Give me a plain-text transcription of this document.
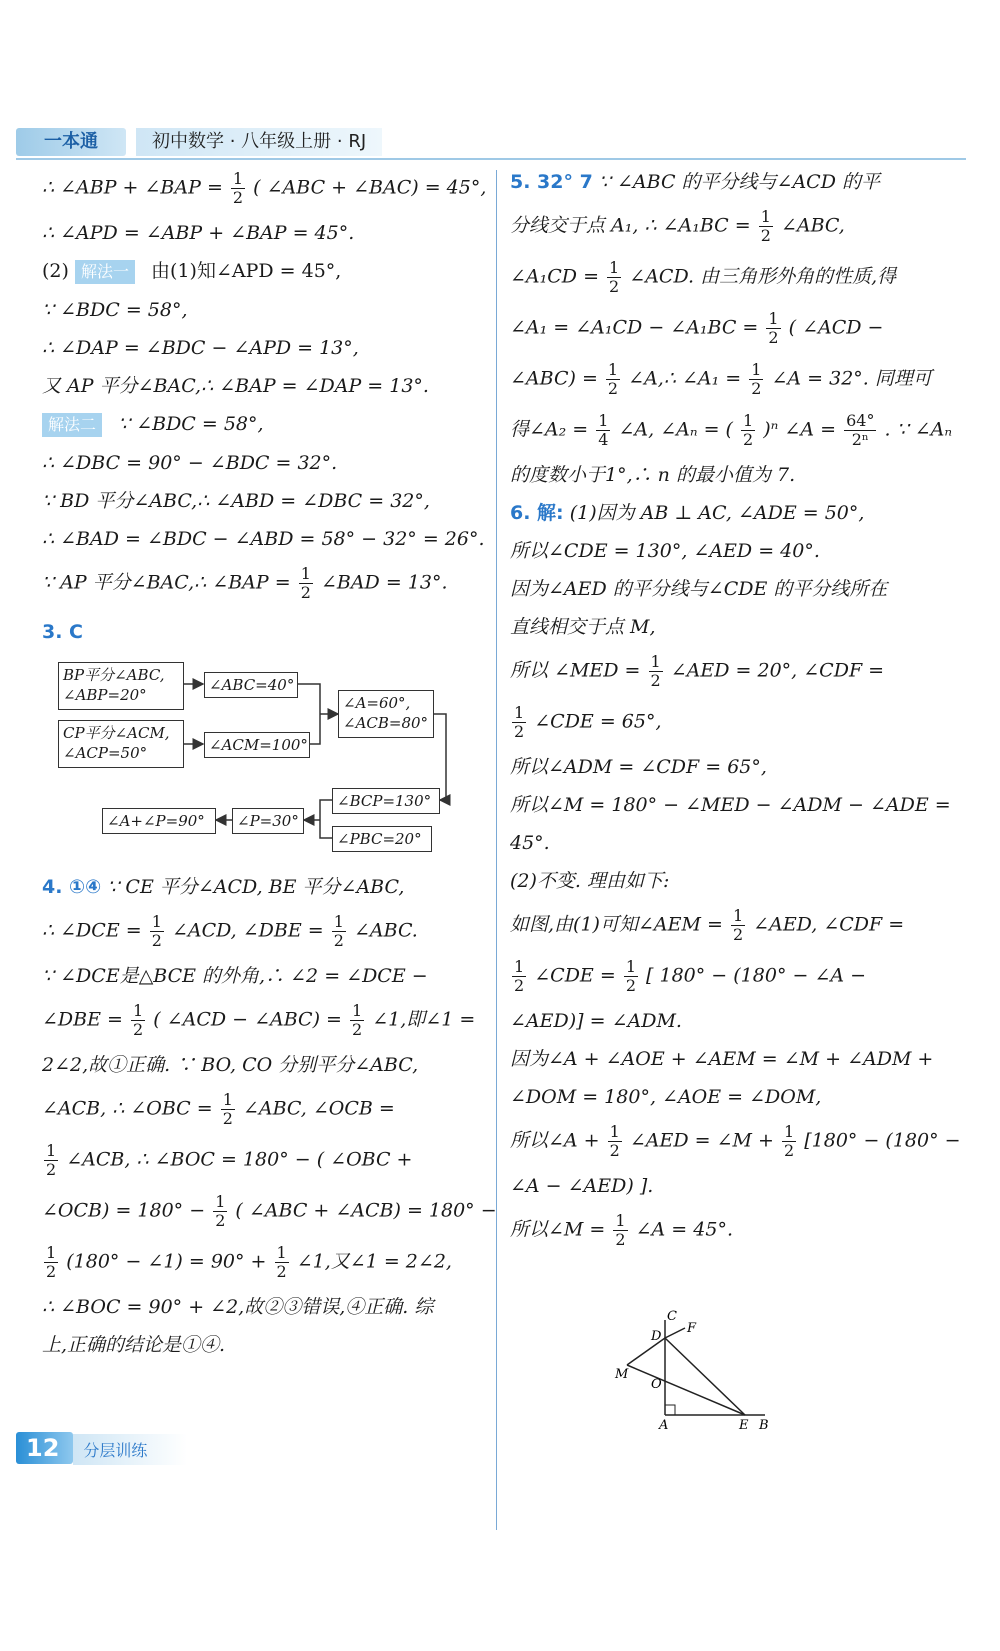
一本通	初中数学 · 八年级上册 · RJ
∴ ∠ABP + ∠BAP = $\frac{1}{2}$ ( ∠ABC + ∠BAC) = 45°,
∴ ∠APD = ∠ABP + ∠BAP = 45°.
(2) 解法一 由(1)知∠APD = 45°,
∵ ∠BDC = 58°,
∴ ∠DAP = ∠BDC − ∠APD = 13°,
又 AP 平分∠BAC,∴ ∠BAP = ∠DAP = 13°.
解法二 ∵ ∠BDC = 58°,
∴ ∠DBC = 90° − ∠BDC = 32°.
∵ BD 平分∠ABC,∴ ∠ABD = ∠DBC = 32°,
∴ ∠BAD = ∠BDC − ∠ABD = 58° − 32° = 26°.
∵ AP 平分∠BAC,∴ ∠BAP = $\frac{1}{2}$ ∠BAD = 13°.
3. C
BP平分∠ABC,
∠ABP=20°
∠ABC=40°
CP平分∠ACM,
∠ACP=50°	∠ACM=100°
∠A=60°,
∠ACB=80°
∠BCP=130°
∠PBC=20°
∠P=30°
∠A+∠P=90°
4. ①④ ∵ CE 平分∠ACD, BE 平分∠ABC,
∴ ∠DCE = $\frac{1}{2}$ ∠ACD, ∠DBE = $\frac{1}{2}$ ∠ABC.
∵ ∠DCE是△BCE 的外角,∴ ∠2 = ∠DCE −
∠DBE = $\frac{1}{2}$ ( ∠ACD − ∠ABC) = $\frac{1}{2}$ ∠1,即∠1 =
2∠2,故①正确. ∵ BO, CO 分别平分∠ABC,
∠ACB, ∴ ∠OBC = $\frac{1}{2}$ ∠ABC, ∠OCB =
$\frac{1}{2}$ ∠ACB, ∴ ∠BOC = 180° − ( ∠OBC +
∠OCB) = $180^\circ - \frac{1}{2}$ ( ∠ABC + ∠ACB) = 180° −
$\frac{1}{2} (180^\circ$ − ∠1) = $90^\circ + \frac{1}{2}$ ∠1,又∠1 = 2∠2,
∴ ∠BOC = 90° + ∠2,故②③错误,④正确. 综
上,正确的结论是①④.
5. 32° 7 ∵ ∠ABC 的平分线与∠ACD 的平
分线交于点 A₁, ∴ ∠A₁BC = $\frac{1}{2}$ ∠ABC,
∠A₁CD = $\frac{1}{2}$ ∠ACD. 由三角形外角的性质,得
∠A₁ = ∠A₁CD − ∠A₁BC = $\frac{1}{2}$ ( ∠ACD −
∠ABC) = $\frac{1}{2}$ ∠A,∴ ∠A₁ = $\frac{1}{2}$ ∠A = 32°. 同理可
得∠A₂ = $\frac{1}{4}$ ∠A, ∠Aₙ = ( $\frac{1}{2} )^n$ ∠A = $\frac{64^\circ}{\text{2ⁿ}}$ . ∵ ∠Aₙ
的度数小于1°,∴ n 的最小值为 7.
6. 解: (1)因为 AB ⊥ AC, ∠ADE = 50°,
所以∠CDE = 130°, ∠AED = 40°.
因为∠AED 的平分线与∠CDE 的平分线所在
直线相交于点 M,
所以 ∠MED = $\frac{1}{2}$ ∠AED = 20°, ∠CDF =
$\frac{1}{2}$ ∠CDE = 65°,
所以∠ADM = ∠CDF = 65°,
所以∠M = 180° − ∠MED − ∠ADM − ∠ADE =
45°.
(2)不变. 理由如下:
如图,由(1)可知∠AEM = $\frac{1}{2}$ ∠AED, ∠CDF =
$\frac{1}{2}$ ∠CDE = $\frac{1}{2}$ [ 180° − (180° − ∠A −
∠AED)] = ∠ADM.
因为∠A + ∠AOE + ∠AEM = ∠M + ∠ADM +
∠DOM = 180°, ∠AOE = ∠DOM,
所以∠A + $\frac{1}{2}$ ∠AED = ∠M + $\frac{1}{2} [180^\circ - (180^\circ$ −
∠A − ∠AED) ].
所以∠M = $\frac{1}{2}$ ∠A = 45°.
C
D
F
M
O
A	E B
12 分层训练
